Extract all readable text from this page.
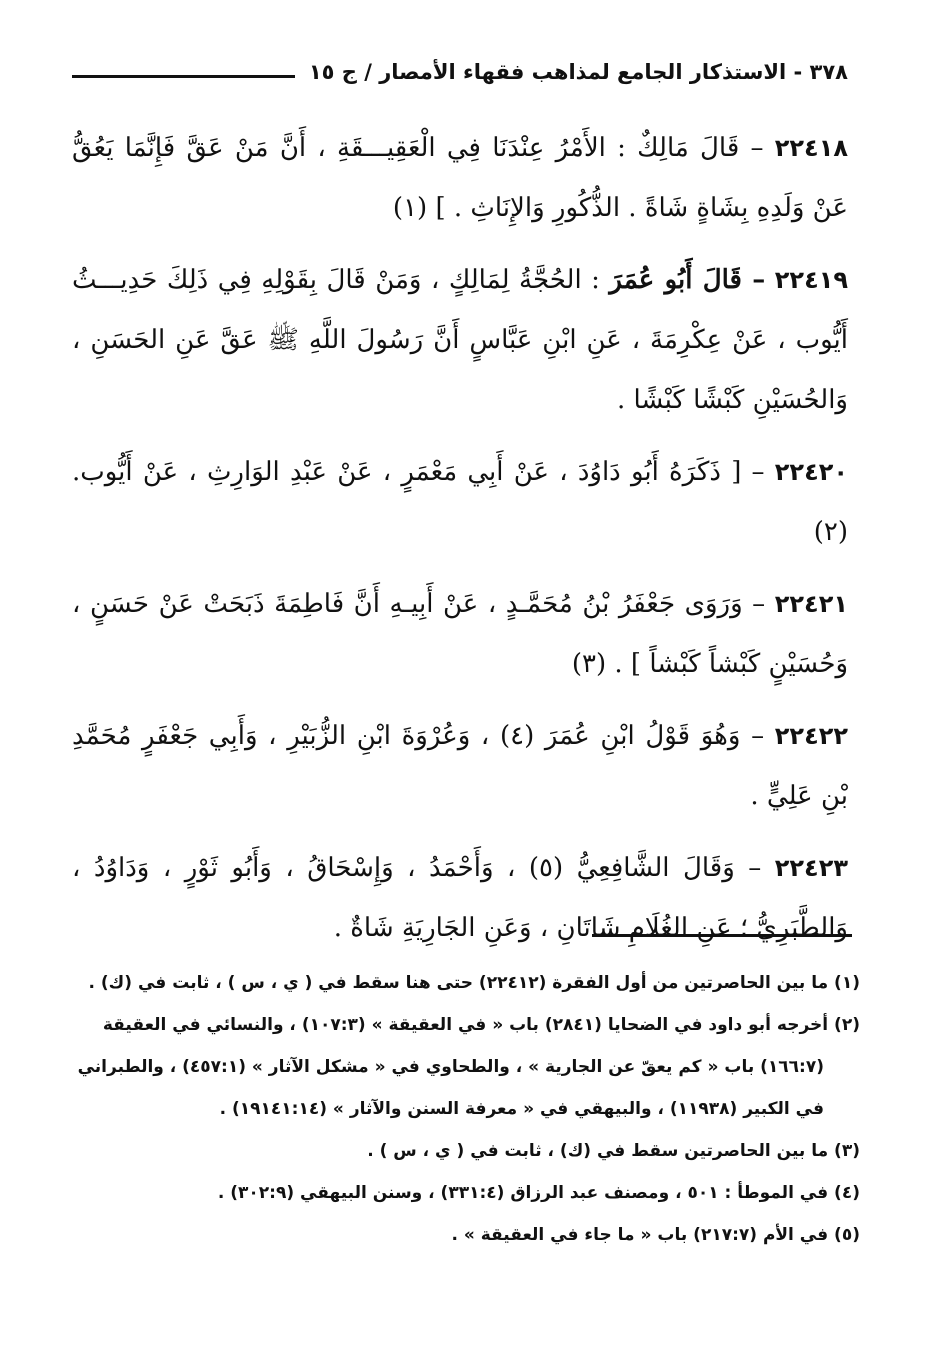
٣٧٨ - الاستذكار الجامع لمذاهب فقهاء الأمصار / ج ١٥

٢٢٤١٨ – قَالَ مَالِكٌ : الأَمْرُ عِنْدَنَا فِي الْعَقِيـــقَةِ ، أَنَّ مَنْ عَقَّ فَإِنَّمَا يَعُقُّ عَنْ وَلَدِهِ بِشَاةٍ شَاةً . الذُّكُورِ وَالإِنَاثِ . ] (١)

٢٢٤١٩ – قَالَ أَبُو عُمَرَ : الحُجَّةُ لِمَالِكٍ ، وَمَنْ قَالَ بِقَوْلِهِ فِي ذَلِكَ حَدِيـــثُ أَيُّوب ، عَنْ عِكْرِمَةَ ، عَنِ ابْنِ عَبَّاسٍ أَنَّ رَسُولَ اللَّهِ ﷺ عَقَّ عَنِ الحَسَنِ ، وَالحُسَيْنِ كَبْشًا كَبْشًا .

٢٢٤٢٠ – [ ذَكَرَهُ أَبُو دَاوُدَ ، عَنْ أَبِي مَعْمَرٍ ، عَنْ عَبْدِ الوَارِثِ ، عَنْ أَيُّوب. (٢)

٢٢٤٢١ – وَرَوَى جَعْفَرُ بْنُ مُحَمَّـدٍ ، عَنْ أَبِيـهِ أَنَّ فَاطِمَةَ ذَبَحَتْ عَنْ حَسَنٍ ، وَحُسَيْنٍ كَبْشاً كَبْشاً ] . (٣)

٢٢٤٢٢ – وَهُوَ قَوْلُ ابْنِ عُمَرَ (٤) ، وَعُرْوَةَ ابْنِ الزُّبَيْرِ ، وَأَبِي جَعْفَرٍ مُحَمَّدِ بْنِ عَلِيٍّ .

٢٢٤٢٣ – وَقَالَ الشَّافِعِيُّ (٥) ، وَأَحْمَدُ ، وَإِسْحَاقُ ، وَأَبُو ثَوْرٍ ، وَدَاوُدُ ، وَالطَّبَرِيُّ ؛ عَنِ الغُلَامِ شَاتَانِ ، وَعَنِ الجَارِيَةِ شَاةٌ .

(١) ما بين الحاصرتين من أول الفقرة (٢٢٤١٢) حتى هنا سقط في ( ي ، س ) ، ثابت في (ك) .

(٢) أخرجه أبو داود في الضحايا (٢٨٤١) باب « في العقيقة » (١٠٧:٣) ، والنسائي في العقيقة
(١٦٦:٧) باب « كم يعقّ عن الجارية » ، والطحاوي في « مشكل الآثار » (٤٥٧:١) ، والطبراني
في الكبير (١١٩٣٨) ، والبيهقي في « معرفة السنن والآثار » (١٩١٤١:١٤) .

(٣) ما بين الحاصرتين سقط في (ك) ، ثابت في ( ي ، س ) .

(٤) في الموطأ : ٥٠١ ، ومصنف عبد الرزاق (٣٣١:٤) ، وسنن البيهقي (٣٠٢:٩) .

(٥) في الأم (٢١٧:٧) باب « ما جاء في العقيقة » .
